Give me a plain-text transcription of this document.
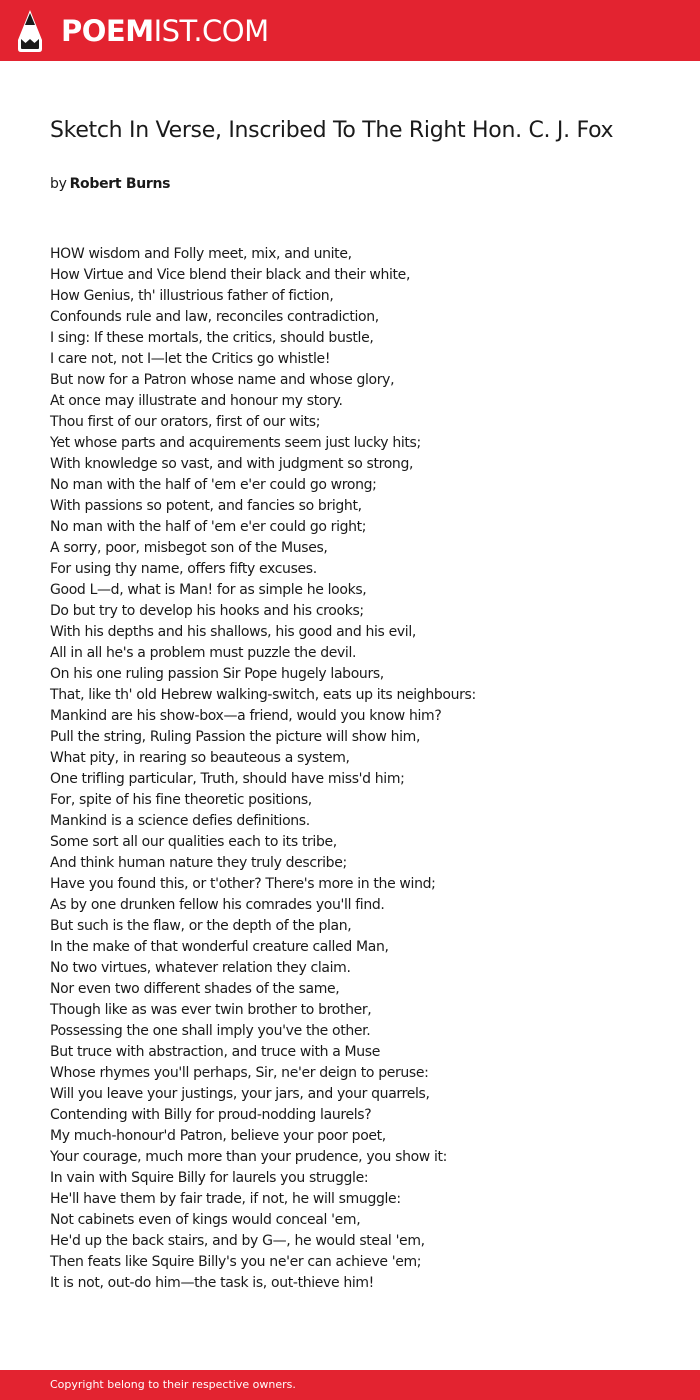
POEMIST.COM
Sketch In Verse, Inscribed To The Right Hon. C. J. Fox
by Robert Burns
HOW wisdom and Folly meet, mix, and unite,
How Virtue and Vice blend their black and their white,
How Genius, th' illustrious father of fiction,
Confounds rule and law, reconciles contradiction,
I sing: If these mortals, the critics, should bustle,
I care not, not I—let the Critics go whistle!
But now for a Patron whose name and whose glory,
At once may illustrate and honour my story.
Thou first of our orators, first of our wits;
Yet whose parts and acquirements seem just lucky hits;
With knowledge so vast, and with judgment so strong,
No man with the half of 'em e'er could go wrong;
With passions so potent, and fancies so bright,
No man with the half of 'em e'er could go right;
A sorry, poor, misbegot son of the Muses,
For using thy name, offers fifty excuses.
Good L—d, what is Man! for as simple he looks,
Do but try to develop his hooks and his crooks;
With his depths and his shallows, his good and his evil,
All in all he's a problem must puzzle the devil.
On his one ruling passion Sir Pope hugely labours,
That, like th' old Hebrew walking-switch, eats up its neighbours:
Mankind are his show-box—a friend, would you know him?
Pull the string, Ruling Passion the picture will show him,
What pity, in rearing so beauteous a system,
One trifling particular, Truth, should have miss'd him;
For, spite of his fine theoretic positions,
Mankind is a science defies definitions.
Some sort all our qualities each to its tribe,
And think human nature they truly describe;
Have you found this, or t'other? There's more in the wind;
As by one drunken fellow his comrades you'll find.
But such is the flaw, or the depth of the plan,
In the make of that wonderful creature called Man,
No two virtues, whatever relation they claim.
Nor even two different shades of the same,
Though like as was ever twin brother to brother,
Possessing the one shall imply you've the other.
But truce with abstraction, and truce with a Muse
Whose rhymes you'll perhaps, Sir, ne'er deign to peruse:
Will you leave your justings, your jars, and your quarrels,
Contending with Billy for proud-nodding laurels?
My much-honour'd Patron, believe your poor poet,
Your courage, much more than your prudence, you show it:
In vain with Squire Billy for laurels you struggle:
He'll have them by fair trade, if not, he will smuggle:
Not cabinets even of kings would conceal 'em,
He'd up the back stairs, and by G—, he would steal 'em,
Then feats like Squire Billy's you ne'er can achieve 'em;
It is not, out-do him—the task is, out-thieve him!
Copyright belong to their respective owners.
